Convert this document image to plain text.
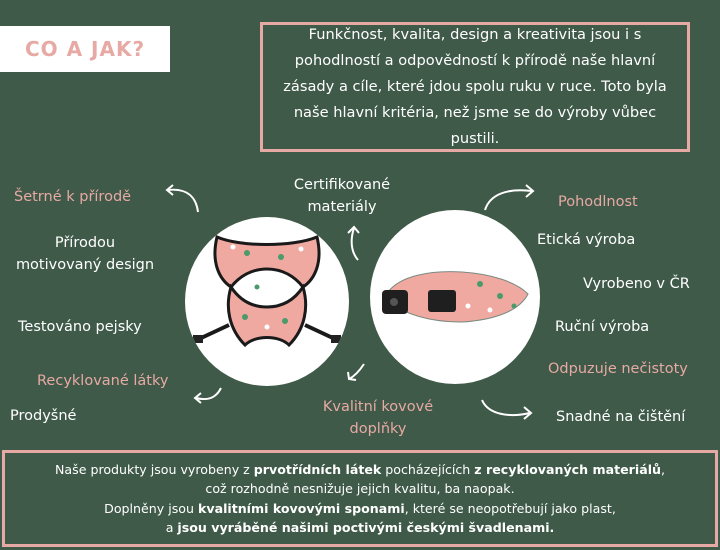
CO A JAK?

Funkčnost, kvalita, design a kreativita jsou i s pohodlností a odpovědností k přírodě naše hlavní zásady a cíle, které jdou spolu ruku v ruce. Toto byla naše hlavní kritéria, než jsme se do výroby vůbec pustili.

Šetrné k přírodě
Přírodou
motivovaný design
Testováno pejsky
Recyklované látky
Prodyšné
Certifikované
materiály
Kvalitní kovové
doplňky
Pohodlnost
Etická výroba
Vyrobeno v ČR
Ruční výroba
Odpuzuje nečistoty
Snadné na čištění

Naše produkty jsou vyrobeny z prvotřídních látek pocházejících z recyklovaných materiálů,
což rozhodně nesnižuje jejich kvalitu, ba naopak.
Doplněny jsou kvalitními kovovými sponami, které se neopotřebují jako plast,
a jsou vyráběné našimi poctivými českými švadlenami.
